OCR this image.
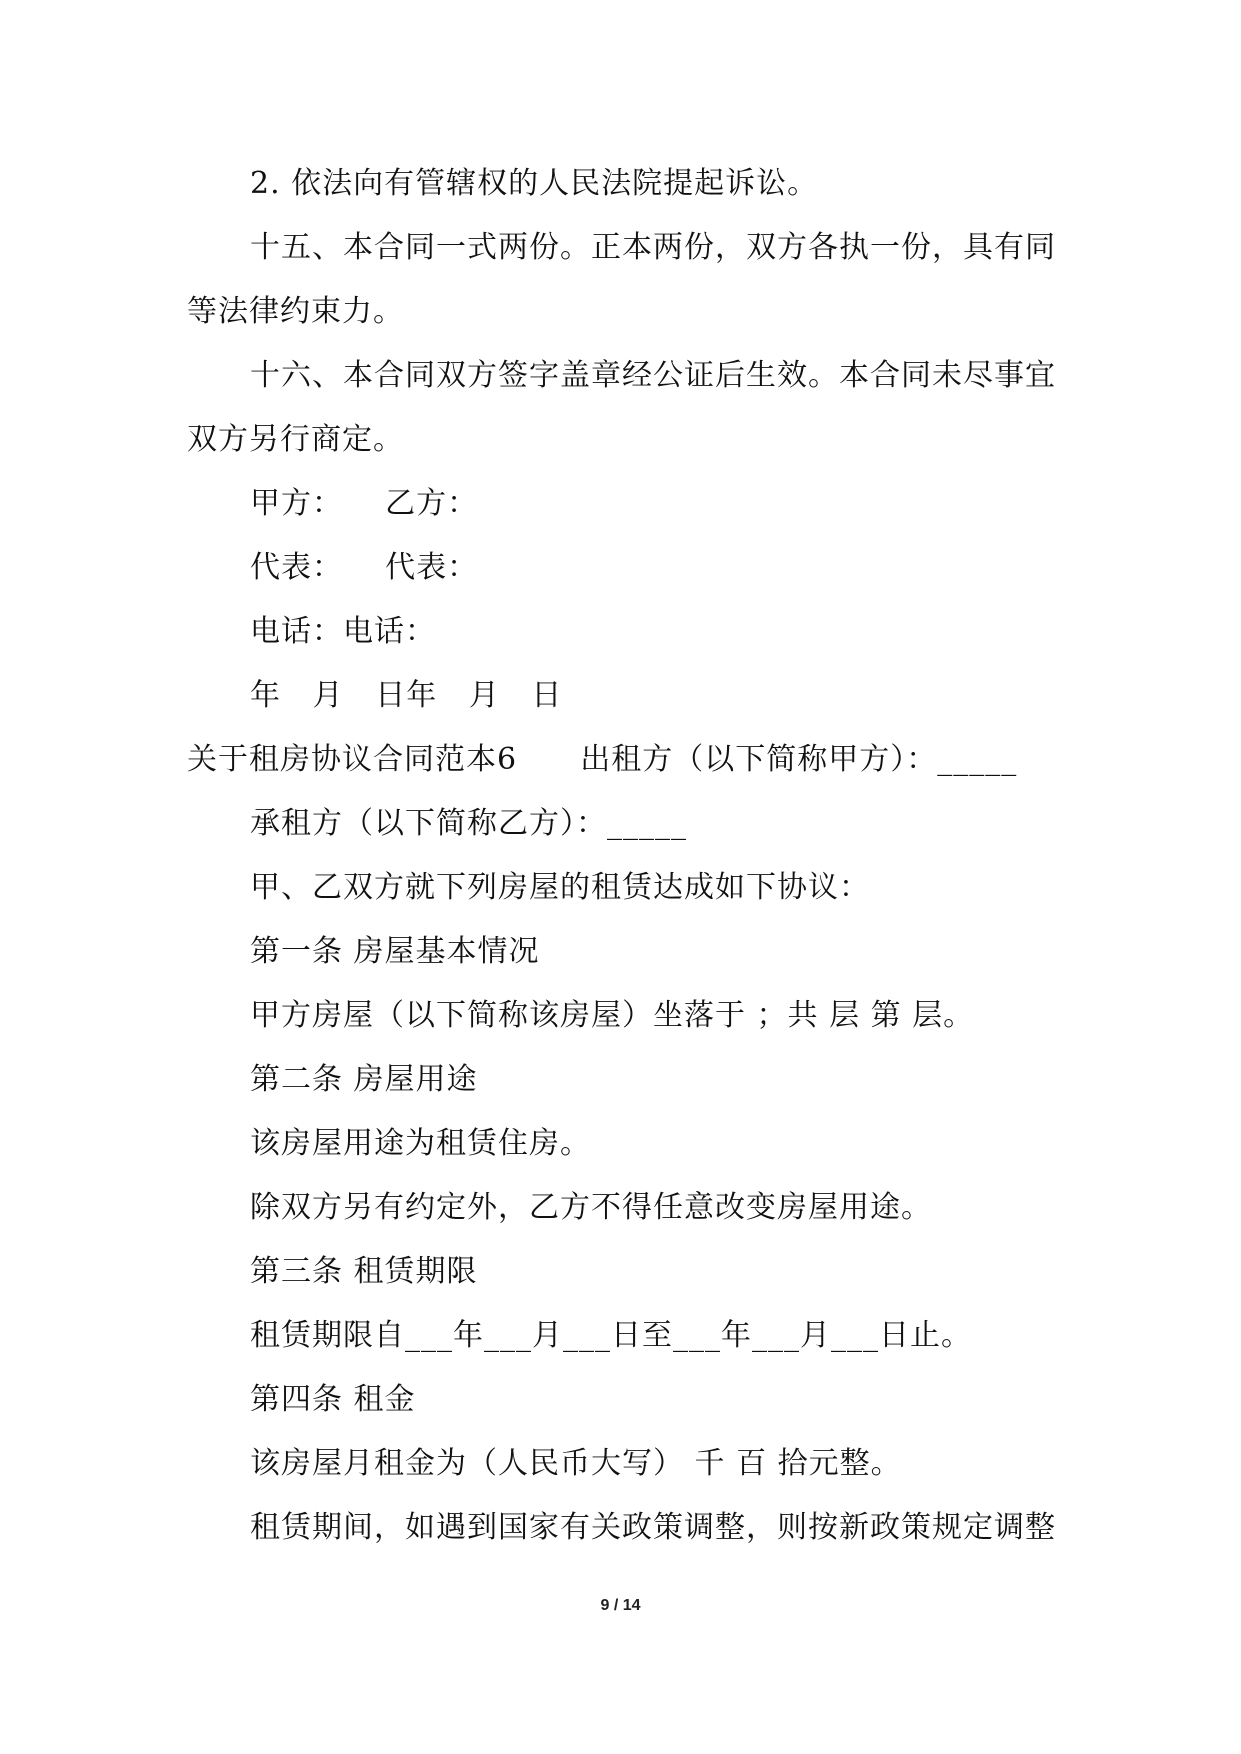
2. 依法向有管辖权的人民法院提起诉讼。
十五、本合同一式两份。正本两份，双方各执一份，具有同
等法律约束力。
十六、本合同双方签字盖章经公证后生效。本合同未尽事宜
双方另行商定。
甲方：    乙方：
代表：    代表：
电话：电话：
年   月   日年   月   日
关于租房协议合同范本6      出租方（以下简称甲方）：_____
承租方（以下简称乙方）：_____
甲、乙双方就下列房屋的租赁达成如下协议：
第一条 房屋基本情况
甲方房屋（以下简称该房屋）坐落于 ；共 层 第 层。
第二条 房屋用途
该房屋用途为租赁住房。
除双方另有约定外，乙方不得任意改变房屋用途。
第三条 租赁期限
租赁期限自___年___月___日至___年___月___日止。
第四条 租金
该房屋月租金为（人民币大写） 千 百 拾元整。
租赁期间，如遇到国家有关政策调整，则按新政策规定调整
9 / 14
